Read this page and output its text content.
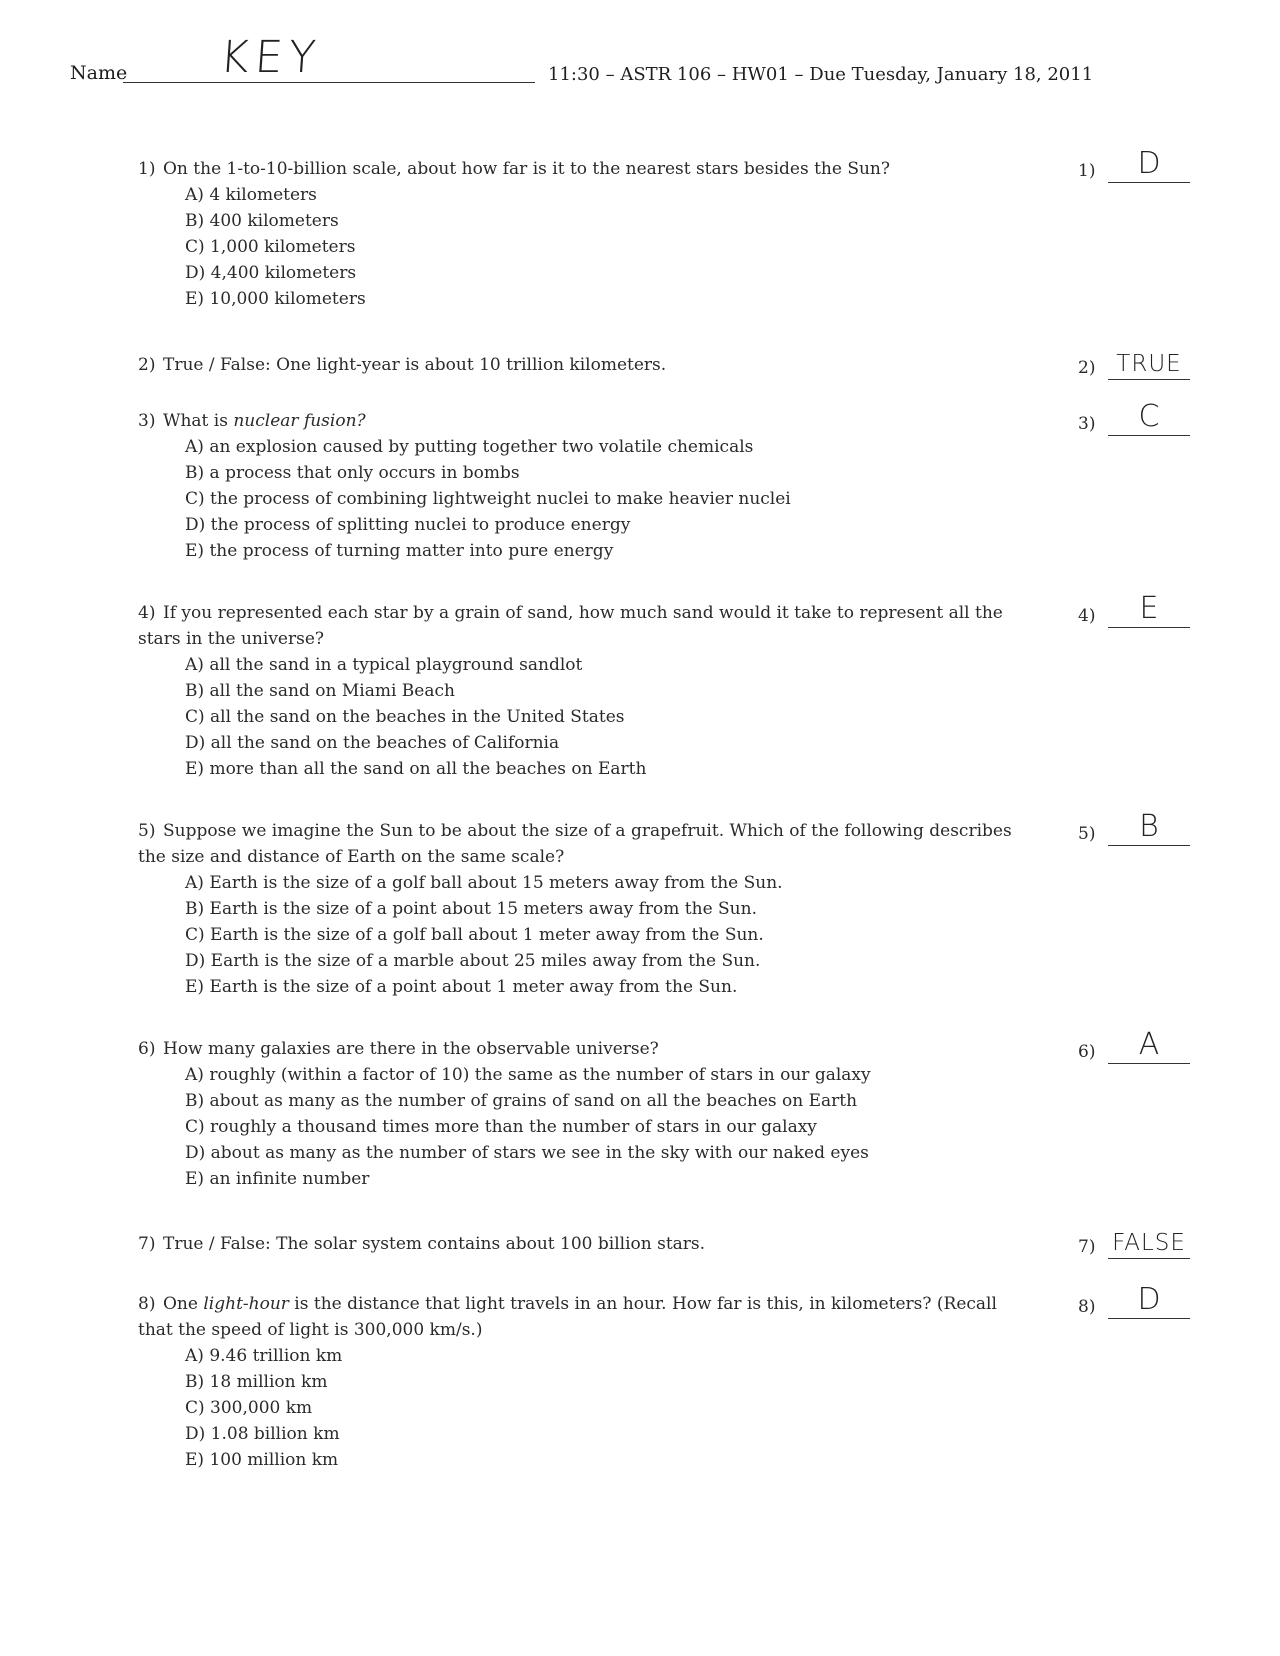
Name KEY	11:30 – ASTR 106 – HW01 – Due Tuesday, January 18, 2011
1) On the 1-to-10-billion scale, about how far is it to the nearest stars besides the Sun?
A) 4 kilometers
B) 400 kilometers
C) 1,000 kilometers
D) 4,400 kilometers
E) 10,000 kilometers
1)	D
2) True / False: One light-year is about 10 trillion kilometers.	2) TRUE
3) What is nuclear fusion?
A) an explosion caused by putting together two volatile chemicals
B) a process that only occurs in bombs
C) the process of combining lightweight nuclei to make heavier nuclei
D) the process of splitting nuclei to produce energy
E) the process of turning matter into pure energy
3)	C
4) If you represented each star by a grain of sand, how much sand would it take to represent all the
stars in the universe?
A) all the sand in a typical playground sandlot
B) all the sand on Miami Beach
C) all the sand on the beaches in the United States
D) all the sand on the beaches of California
E) more than all the sand on all the beaches on Earth
4)	E
5) Suppose we imagine the Sun to be about the size of a grapefruit. Which of the following describes
the size and distance of Earth on the same scale?
A) Earth is the size of a golf ball about 15 meters away from the Sun.
B) Earth is the size of a point about 15 meters away from the Sun.
C) Earth is the size of a golf ball about 1 meter away from the Sun.
D) Earth is the size of a marble about 25 miles away from the Sun.
E) Earth is the size of a point about 1 meter away from the Sun.
5)	B
6) How many galaxies are there in the observable universe?
A) roughly (within a factor of 10) the same as the number of stars in our galaxy
B) about as many as the number of grains of sand on all the beaches on Earth
C) roughly a thousand times more than the number of stars in our galaxy
D) about as many as the number of stars we see in the sky with our naked eyes
E) an infinite number
6)	A
7) True / False: The solar system contains about 100 billion stars.	7) FALSE
8) One light-hour is the distance that light travels in an hour. How far is this, in kilometers? (Recall
that the speed of light is 300,000 km/s.)
A) 9.46 trillion km
B) 18 million km
C) 300,000 km
D) 1.08 billion km
E) 100 million km
8)	D
